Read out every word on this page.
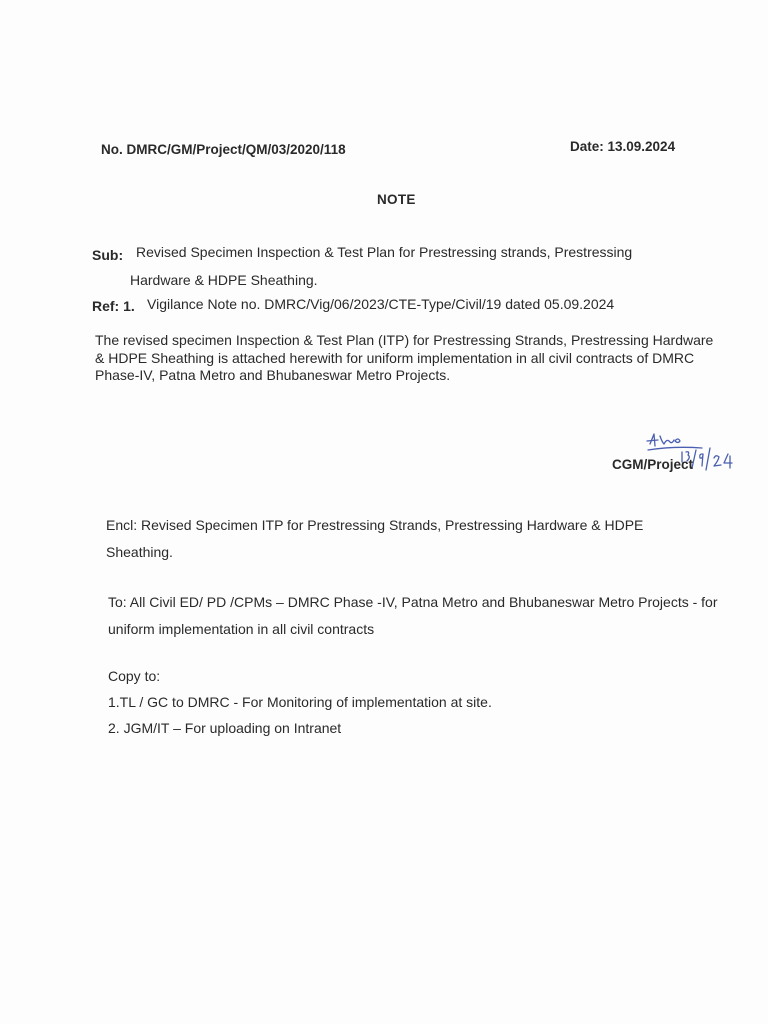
No. DMRC/GM/Project/QM/03/2020/118	Date: 13.09.2024
NOTE
Sub: Revised Specimen Inspection & Test Plan for Prestressing strands, Prestressing
Hardware & HDPE Sheathing.
Ref: 1. Vigilance Note no. DMRC/Vig/06/2023/CTE-Type/Civil/19 dated 05.09.2024
The revised specimen Inspection & Test Plan (ITP) for Prestressing Strands, Prestressing Hardware & HDPE Sheathing is attached herewith for uniform implementation in all civil contracts of DMRC Phase-IV, Patna Metro and Bhubaneswar Metro Projects.
CGM/Project
Encl: Revised Specimen ITP for Prestressing Strands, Prestressing Hardware & HDPE Sheathing.
To: All Civil ED/ PD /CPMs – DMRC Phase -IV, Patna Metro and Bhubaneswar Metro Projects - for uniform implementation in all civil contracts
Copy to:
1.TL / GC to DMRC - For Monitoring of implementation at site.
2. JGM/IT – For uploading on Intranet
